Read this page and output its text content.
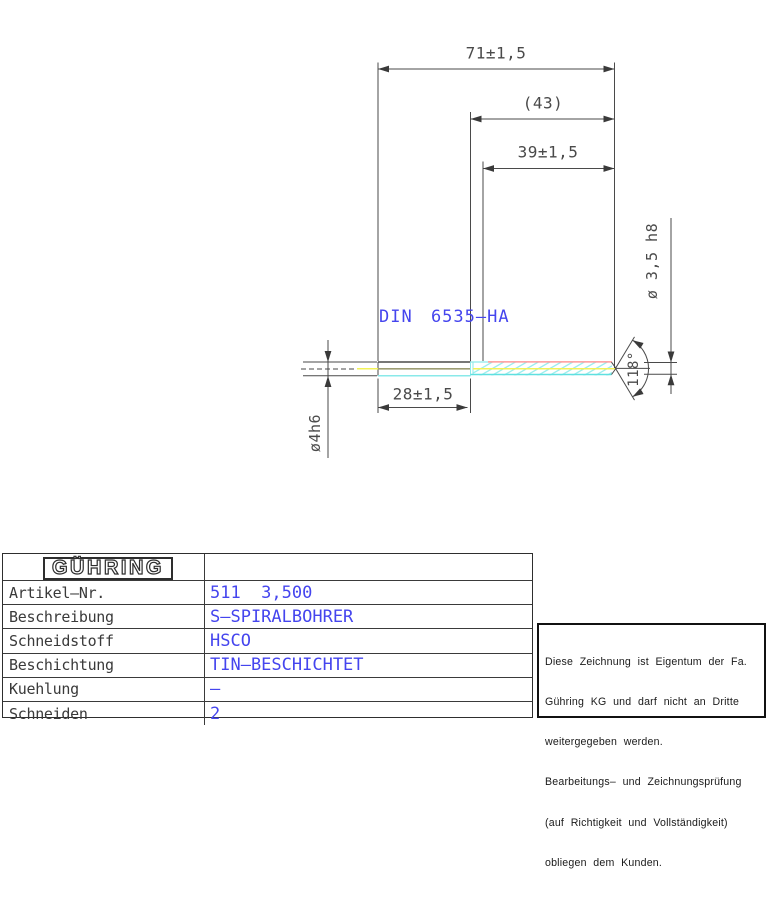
71±1,5
(43)
39±1,5
28±1,5
ø4h6
ø 3,5 h8
118°
DIN 6535–HA
GÜHRING
Artikel–Nr.	511  3,500
Beschreibung	S–SPIRALBOHRER
Schneidstoff	HSCO
Beschichtung	TIN–BESCHICHTET
Kuehlung	–
Schneiden	2

Diese Zeichnung ist Eigentum der Fa.

Gühring KG und darf nicht an Dritte

weitergegeben werden.

Bearbeitungs– und Zeichnungsprüfung

(auf Richtigkeit und Vollständigkeit)

obliegen dem Kunden.
